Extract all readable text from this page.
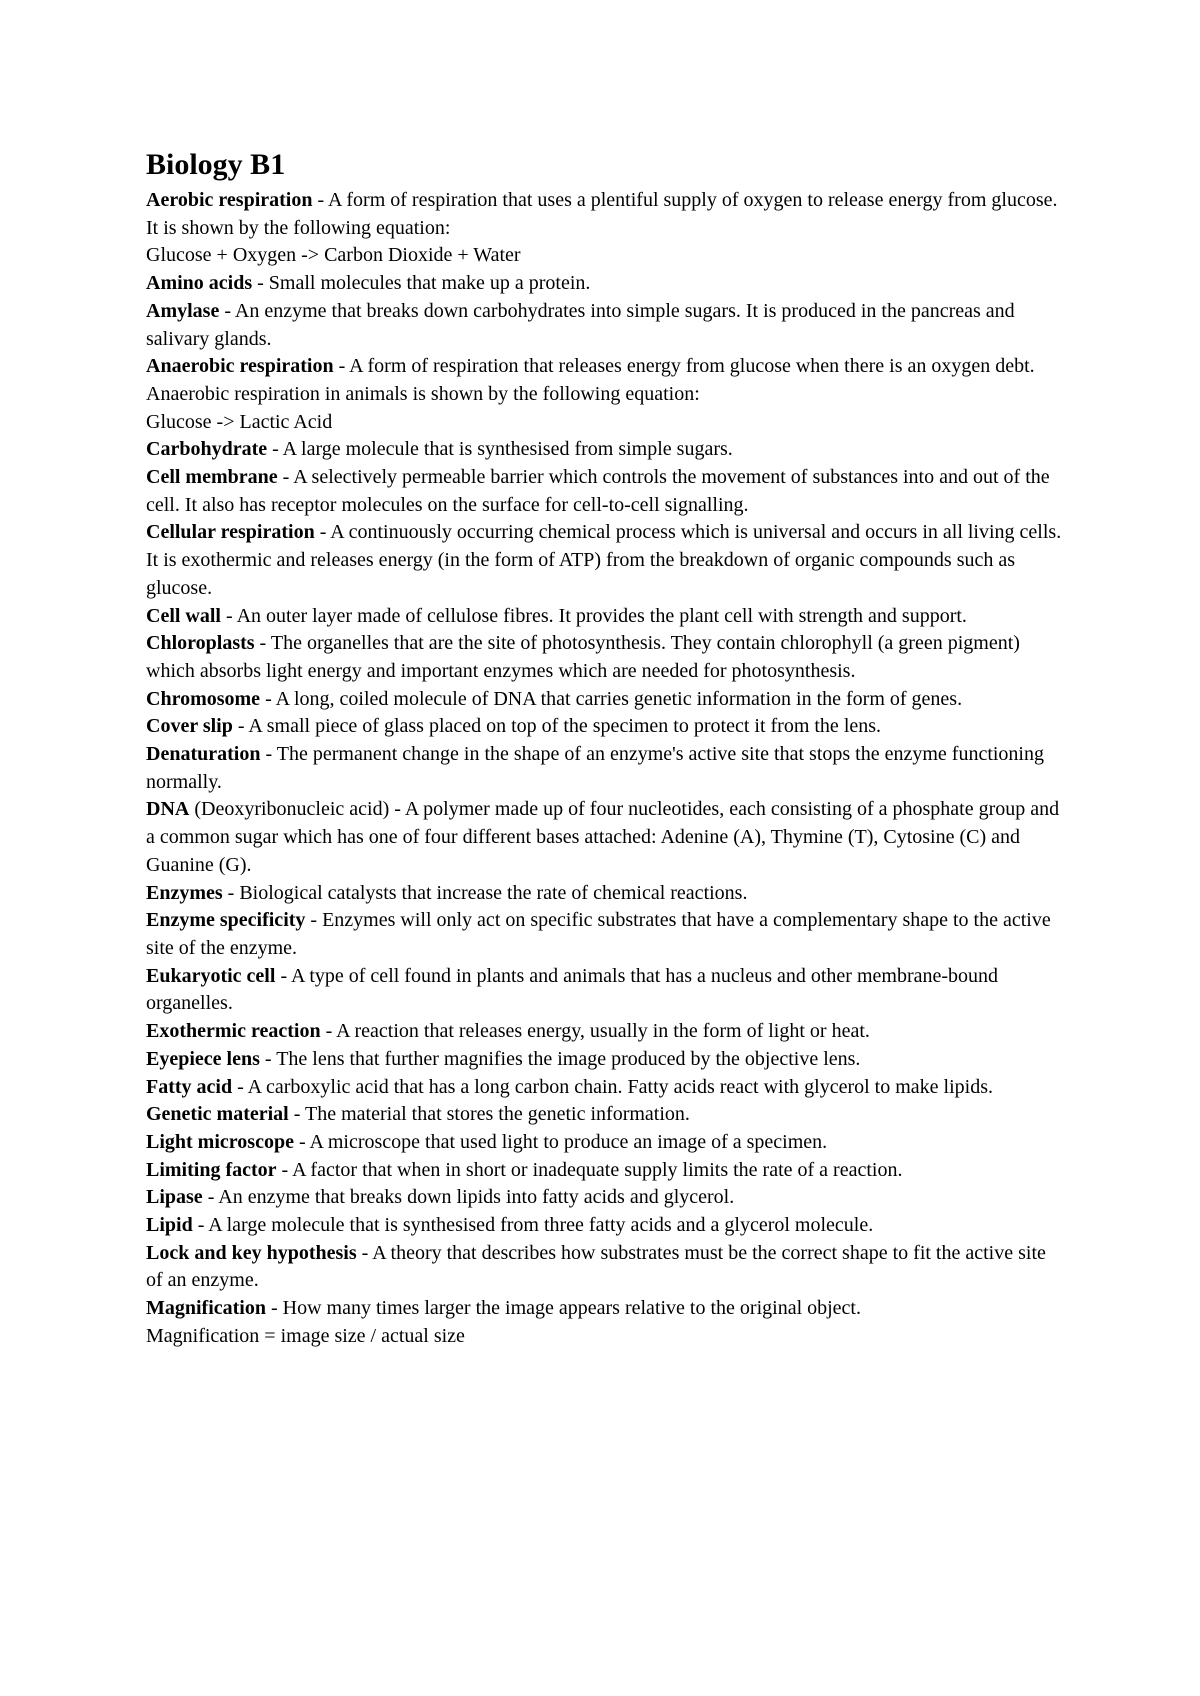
Biology B1
Aerobic respiration - A form of respiration that uses a plentiful supply of oxygen to release energy from glucose. It is shown by the following equation:
Glucose + Oxygen -> Carbon Dioxide + Water
Amino acids - Small molecules that make up a protein.
Amylase - An enzyme that breaks down carbohydrates into simple sugars. It is produced in the pancreas and salivary glands.
Anaerobic respiration - A form of respiration that releases energy from glucose when there is an oxygen debt. Anaerobic respiration in animals is shown by the following equation:
Glucose -> Lactic Acid
Carbohydrate - A large molecule that is synthesised from simple sugars.
Cell membrane - A selectively permeable barrier which controls the movement of substances into and out of the cell. It also has receptor molecules on the surface for cell-to-cell signalling.
Cellular respiration - A continuously occurring chemical process which is universal and occurs in all living cells. It is exothermic and releases energy (in the form of ATP) from the breakdown of organic compounds such as glucose.
Cell wall - An outer layer made of cellulose fibres. It provides the plant cell with strength and support.
Chloroplasts - The organelles that are the site of photosynthesis. They contain chlorophyll (a green pigment) which absorbs light energy and important enzymes which are needed for photosynthesis.
Chromosome - A long, coiled molecule of DNA that carries genetic information in the form of genes.
Cover slip - A small piece of glass placed on top of the specimen to protect it from the lens.
Denaturation - The permanent change in the shape of an enzyme's active site that stops the enzyme functioning normally.
DNA (Deoxyribonucleic acid) - A polymer made up of four nucleotides, each consisting of a phosphate group and a common sugar which has one of four different bases attached: Adenine (A), Thymine (T), Cytosine (C) and Guanine (G).
Enzymes - Biological catalysts that increase the rate of chemical reactions.
Enzyme specificity - Enzymes will only act on specific substrates that have a complementary shape to the active site of the enzyme.
Eukaryotic cell - A type of cell found in plants and animals that has a nucleus and other membrane-bound organelles.
Exothermic reaction - A reaction that releases energy, usually in the form of light or heat.
Eyepiece lens - The lens that further magnifies the image produced by the objective lens.
Fatty acid - A carboxylic acid that has a long carbon chain. Fatty acids react with glycerol to make lipids.
Genetic material - The material that stores the genetic information.
Light microscope - A microscope that used light to produce an image of a specimen.
Limiting factor - A factor that when in short or inadequate supply limits the rate of a reaction.
Lipase - An enzyme that breaks down lipids into fatty acids and glycerol.
Lipid - A large molecule that is synthesised from three fatty acids and a glycerol molecule.
Lock and key hypothesis - A theory that describes how substrates must be the correct shape to fit the active site of an enzyme.
Magnification - How many times larger the image appears relative to the original object.
Magnification = image size / actual size
